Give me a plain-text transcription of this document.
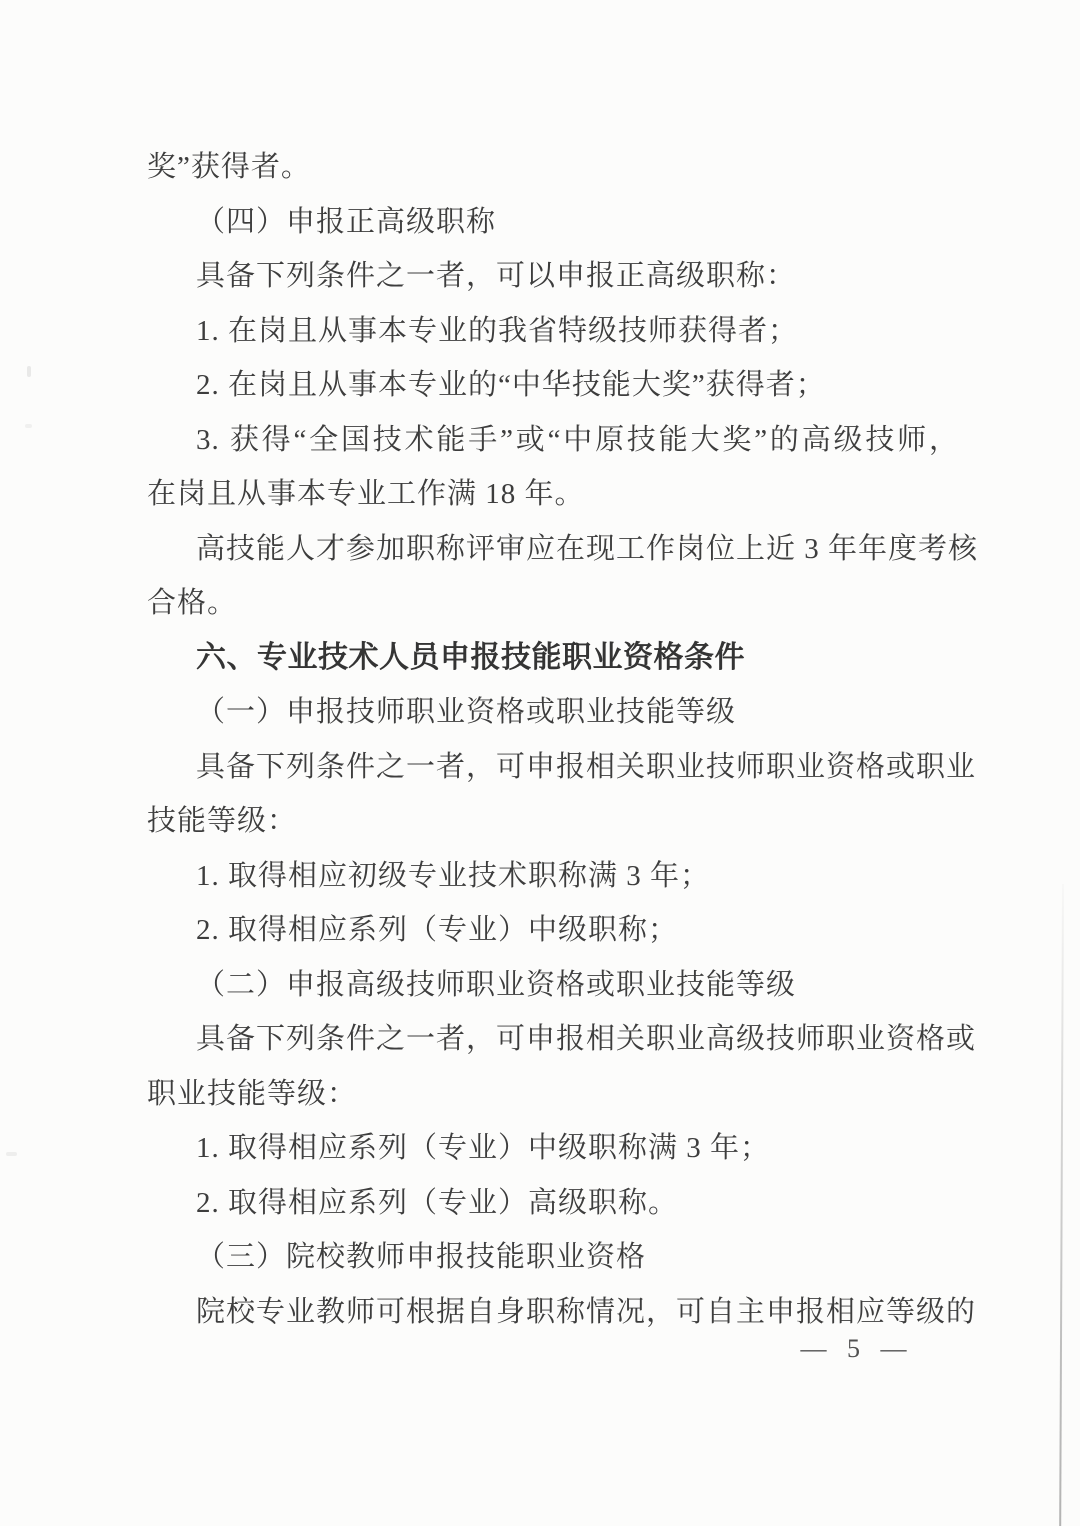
奖”获得者。
（四）申报正高级职称
具备下列条件之一者，可以申报正高级职称：
1. 在岗且从事本专业的我省特级技师获得者；
2. 在岗且从事本专业的“中华技能大奖”获得者；
3. 获得“全国技术能手”或“中原技能大奖”的高级技师，
在岗且从事本专业工作满 18 年。
高技能人才参加职称评审应在现工作岗位上近 3 年年度考核
合格。
六、专业技术人员申报技能职业资格条件
（一）申报技师职业资格或职业技能等级
具备下列条件之一者，可申报相关职业技师职业资格或职业
技能等级：
1. 取得相应初级专业技术职称满 3 年；
2. 取得相应系列（专业）中级职称；
（二）申报高级技师职业资格或职业技能等级
具备下列条件之一者，可申报相关职业高级技师职业资格或
职业技能等级：
1. 取得相应系列（专业）中级职称满 3 年；
2. 取得相应系列（专业）高级职称。
（三）院校教师申报技能职业资格
院校专业教师可根据自身职称情况，可自主申报相应等级的
— 5 —
